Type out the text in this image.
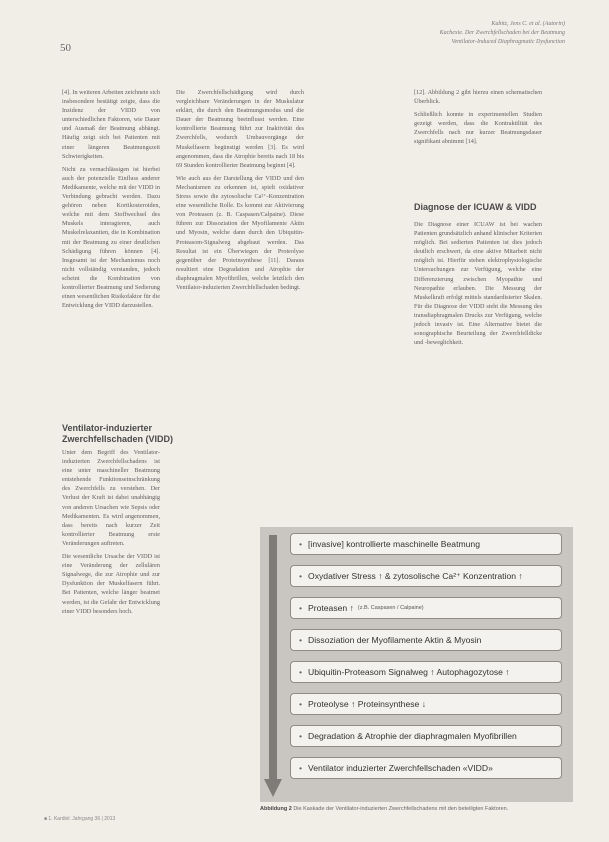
50
Kubitz, Jens C. et al. (Autorin)
Kachexie. Der Zwerchfellschaden bei der Beatmung
Ventilator-Induced Diaphragmatic Dysfunction

[4]. In weiteren Arbeiten zeichnete sich insbesondere bestätigt zeigte, dass die Inzidenz der VIDD von unterschiedlichen Faktoren, wie Dauer und Ausmaß der Beatmung abhängt. Häufig zeigt sich bei Patienten mit einer längeren Beatmungszeit Schwierigkeiten.

Nicht zu vernachlässigen ist hierbei auch der potenzielle Einfluss anderer Medikamente, welche mit der VIDD in Verbindung gebracht werden. Dazu gehören neben Kortikosteroiden, welche mit dem Stoffwechsel des Muskels interagieren, auch Muskelrelaxantien, die in Kombination mit der Beatmung zu einer deutlichen Schädigung führen können [4]. Insgesamt ist der Mechanismus noch nicht vollständig verstanden, jedoch scheint die Kombination von kontrollierter Beatmung und Sedierung einen wesentlichen Risikofaktor für die Entwicklung der VIDD darzustellen.

Ventilator-induzierter Zwerchfellschaden (VIDD)

Unter dem Begriff des Ventilator-induzierten Zwerchfellschadens ist eine unter maschineller Beatmung entstehende Funktionseinschränkung des Zwerchfells zu verstehen. Der Verlust der Kraft ist dabei unabhängig von anderen Ursachen wie Sepsis oder Medikamenten. Es wird angenommen, dass bereits nach kurzer Zeit kontrollierter Beatmung erste Veränderungen auftreten.

Die wesentliche Ursache der VIDD ist eine Veränderung der zellulären Signalwege, die zur Atrophie und zur Dysfunktion der Muskelfasern führt. Bei Patienten, welche länger beatmet werden, ist die Gefahr der Entwicklung einer VIDD besonders hoch.

Die Zwerchfellschädigung wird durch vergleichbare Veränderungen in der Muskulatur erklärt, die durch den Beatmungsmodus und die Dauer der Beatmung beeinflusst werden. Eine kontrollierte Beatmung führt zur Inaktivität des Zwerchfells, wodurch Umbauvorgänge der Muskelfasern begünstigt werden [3]. Es wird angenommen, dass die Atrophie bereits nach 18 bis 69 Stunden kontrollierter Beatmung beginnt [4].

Wie auch aus der Darstellung der VIDD und den Mechanismen zu erkennen ist, spielt oxidativer Stress sowie die zytosolische Ca²⁺-Konzentration eine wesentliche Rolle. Es kommt zur Aktivierung von Proteasen (z. B. Caspasen/Calpaine). Diese führen zur Dissoziation der Myofilamente Aktin und Myosin, welche dann durch den Ubiquitin-Proteasom-Signalweg abgebaut werden. Das Resultat ist ein Überwiegen der Proteolyse gegenüber der Proteinsynthese [11]. Daraus resultiert eine Degradation und Atrophie der diaphragmalen Myofibrillen, welche letztlich den Ventilator-induzierten Zwerchfellschaden bedingt.

[12]. Abbildung 2 gibt hierzu einen schematischen Überblick.

Schließlich konnte in experimentellen Studien gezeigt werden, dass die Kontraktilität des Zwerchfells nach nur kurzer Beatmungsdauer signifikant abnimmt [14].

Diagnose der ICUAW & VIDD

Die Diagnose einer ICUAW ist bei wachen Patienten grundsätzlich anhand klinischer Kriterien möglich. Bei sedierten Patienten ist dies jedoch deutlich erschwert, da eine aktive Mitarbeit nicht möglich ist. Hierfür stehen elektrophysiologische Untersuchungen zur Verfügung, welche eine Differenzierung zwischen Myopathie und Neuropathie erlauben. Die Messung der Muskelkraft erfolgt mittels standardisierter Skalen. Für die Diagnose der VIDD steht die Messung des transdiaphragmalen Drucks zur Verfügung, welche jedoch invasiv ist. Eine Alternative bietet die sonographische Beurteilung der Zwerchfelldicke und -beweglichkeit.

• [invasive] kontrollierte maschinelle Beatmung
• Oxydativer Stress ↑ & zytosolische Ca²⁺ Konzentration ↑
• Proteasen ↑ (z.B. Caspasen / Calpaine)
• Dissoziation der Myofilamente Aktin & Myosin
• Ubiquitin-Proteasom Signalweg ↑ Autophagozytose ↑
• Proteolyse ↑ Proteinsynthese ↓
• Degradation & Atrophie der diaphragmalen Myofibrillen
• Ventilator induzierter Zwerchfellschaden «VIDD»
Abbildung 2 Die Kaskade der Ventilator-induzierten Zwerchfellschadens mit den beteiligten Faktoren.
■ 1. Kardiol. Jahrgang 36 | 2013
